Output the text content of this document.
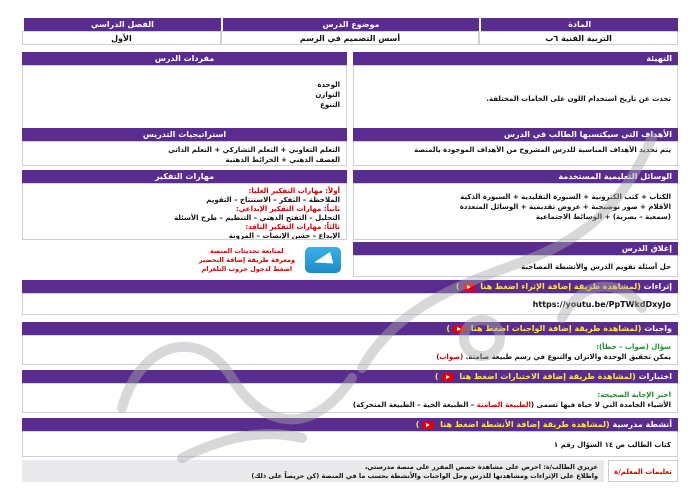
المادة
التربية الفنية ٦ب
موضوع الدرس
أسس التصميم في الرسم
الفصل الدراسي
الأول
التهيئة
تحدث عن تاريخ استخدام اللون على الخامات المختلفة.
مفردات الدرس
الوحدة
التوازن
التنوع
الأهداف التي سيكتسبها الطالب في الدرس
يتم تحديد الأهداف المناسبة للدرس المشروح من الأهداف الموجودة بالمنصة
استراتيجيات التدريس
التعلم التعاوني + التعلم التشاركي + التعلم الذاتي
العصف الذهني + الخرائط الذهنية
الوسائل التعليمية المستخدمة
الكتاب + كتب الكترونية + السبورة التقليدية + السبورة الذكية
الأقلام + صور توضيحية + عروض تقديمية + الوسائل المتعددة
(سمعية – بصرية) + الوسائط الاجتماعية
مهارات التفكير
أولاً: مهارات التفكير العليا:
الملاحظة – التفكر – الاستنتاج – التقويم
ثانياً: مهارات التفكير الإبداعي:
التحليل – التفتح الذهني – التنظيم – طرح الأسئلة
ثالثاً: مهارات التفكير الناقد:
الإبداع – حسن الإنصات – المرونة
إغلاق الدرس
حل أسئلة تقويم الدرس والأنشطة المصاحبة
لمتابعة تحديثات المنصة
ومعرفة طريقة إضافة التحضير
اضغط لدخول جروب التلغرام
إثراءات (لمشاهدة طريقة إضافة الإثراء اضغط هنا )
https://youtu.be/PpTWkdDxyJo
واجبات (لمشاهدة طريقة إضافة الواجبات اضغط هنا )
سؤال (صواب – خطأ):
يمكن تحقيق الوحدة والاتزان والتنوع في رسم طبيعة صامتة. (صواب)
اختبارات (لمشاهدة طريقة إضافة الاختبارات اضغط هنا )
اختر الإجابة الصحيحة:
الأشياء الجامدة التي لا حياة فيها تسمى (الطبيعة الصامتة – الطبيعة الحية – الطبيعة المتحركة)
أنشطة مدرسية (لمشاهدة طريقة إضافة الأنشطة اضغط هنا )
كتاب الطالب ص ١٤ السؤال رقم ١
تعليمات المعلم/ة
عزيزي الطالب/ة: احرص على مشاهدة حصص المقرر على منصة مدرستي،
واطلاع على الإثراءات ومشاهدتها للدرس وحل الواجبات والأنشطة بحسب ما في المنصة (كن حريصاً على ذلك)
